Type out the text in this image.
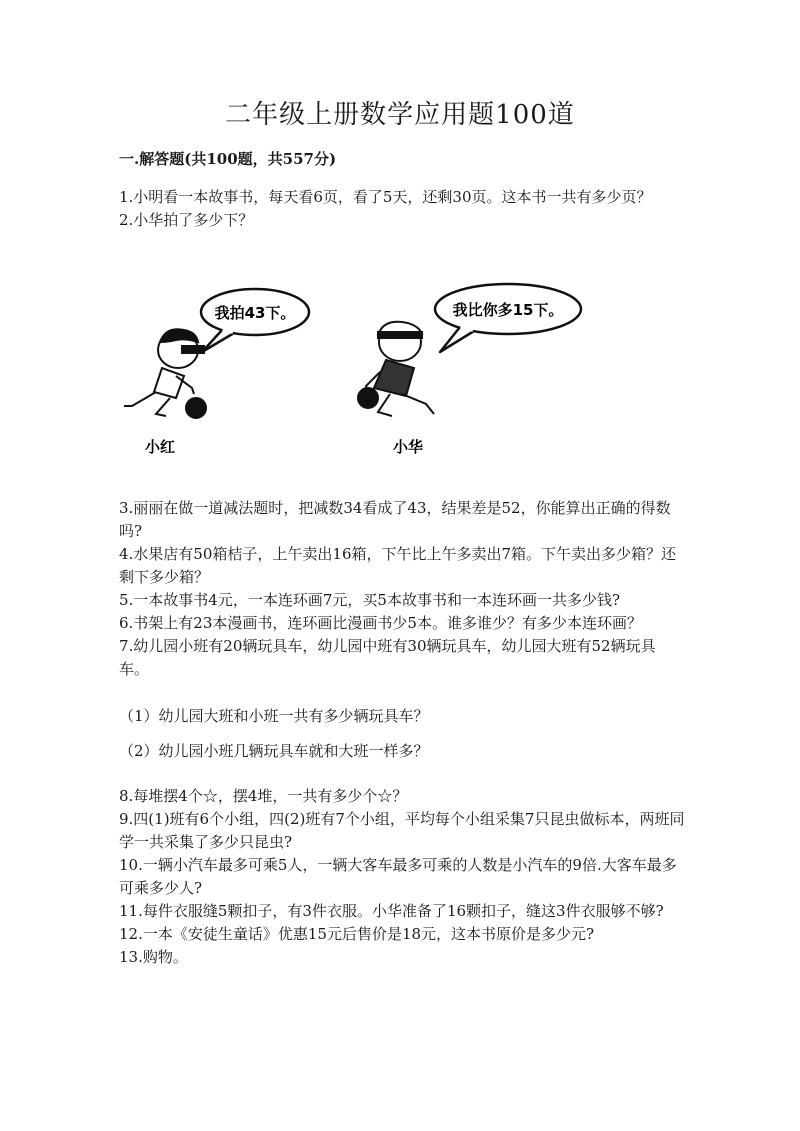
二年级上册数学应用题100道
一.解答题(共100题，共557分)

1.小明看一本故事书，每天看6页，看了5天，还剩30页。这本书一共有多少页？

2.小华拍了多少下？

我拍43下。	我比你多15下。
小红	小华

3.丽丽在做一道减法题时，把减数34看成了43，结果差是52，你能算出正确的得数吗?

4.水果店有50箱桔子，上午卖出16箱，下午比上午多卖出7箱。下午卖出多少箱？还剩下多少箱？

5.一本故事书4元，一本连环画7元，买5本故事书和一本连环画一共多少钱?

6.书架上有23本漫画书，连环画比漫画书少5本。谁多谁少？有多少本连环画？

7.幼儿园小班有20辆玩具车，幼儿园中班有30辆玩具车，幼儿园大班有52辆玩具车。

（1）幼儿园大班和小班一共有多少辆玩具车？

（2）幼儿园小班几辆玩具车就和大班一样多？

8.每堆摆4个☆，摆4堆，一共有多少个☆？

9.四(1)班有6个小组，四(2)班有7个小组，平均每个小组采集7只昆虫做标本，两班同学一共采集了多少只昆虫?

10.一辆小汽车最多可乘5人，一辆大客车最多可乘的人数是小汽车的9倍.大客车最多可乘多少人?

11.每件衣服缝5颗扣子，有3件衣服。小华准备了16颗扣子，缝这3件衣服够不够?

12.一本《安徒生童话》优惠15元后售价是18元，这本书原价是多少元?

13.购物。
